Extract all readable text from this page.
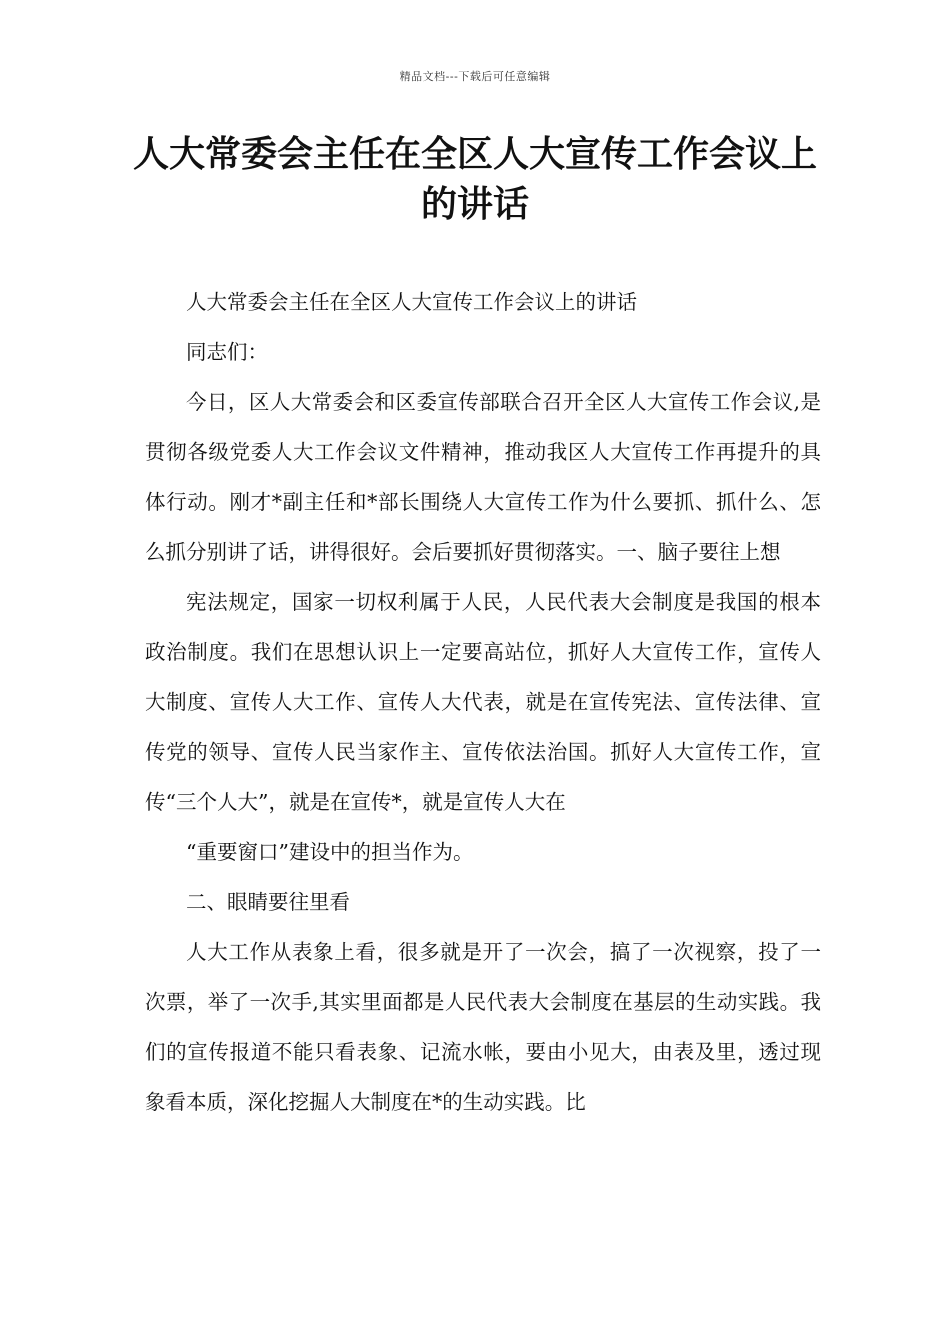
精品文档---下载后可任意编辑
人大常委会主任在全区人大宣传工作会议上的讲话

人大常委会主任在全区人大宣传工作会议上的讲话

同志们：

今日，区人大常委会和区委宣传部联合召开全区人大宣传工作会议,是贯彻各级党委人大工作会议文件精神，推动我区人大宣传工作再提升的具体行动。刚才*副主任和*部长围绕人大宣传工作为什么要抓、抓什么、怎么抓分别讲了话，讲得很好。会后要抓好贯彻落实。一、脑子要往上想

宪法规定，国家一切权利属于人民，人民代表大会制度是我国的根本政治制度。我们在思想认识上一定要高站位，抓好人大宣传工作，宣传人大制度、宣传人大工作、宣传人大代表，就是在宣传宪法、宣传法律、宣传党的领导、宣传人民当家作主、宣传依法治国。抓好人大宣传工作，宣传“三个人大”，就是在宣传*，就是宣传人大在

“重要窗口”建设中的担当作为。

二、眼睛要往里看

人大工作从表象上看，很多就是开了一次会，搞了一次视察，投了一次票，举了一次手,其实里面都是人民代表大会制度在基层的生动实践。我们的宣传报道不能只看表象、记流水帐，要由小见大，由表及里，透过现象看本质，深化挖掘人大制度在*的生动实践。比
